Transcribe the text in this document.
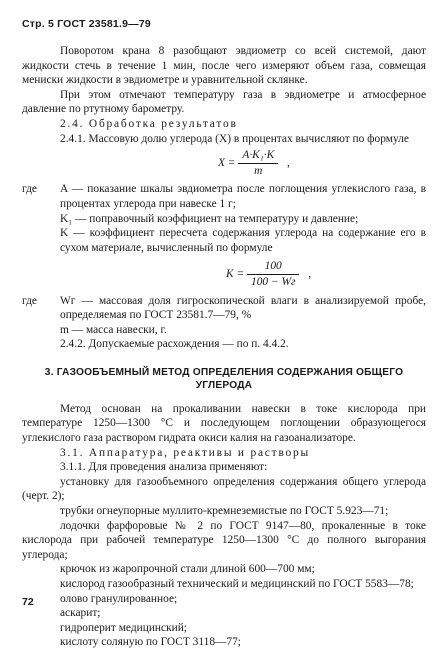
Стр. 5 ГОСТ 23581.9—79

Поворотом крана 8 разобщают эвдиометр со всей системой, дают жидкости стечь в течение 1 мин, после чего измеряют объем газа, совмещая мениски жидкости в эвдиометре и уравнительной склянке.

При этом отмечают температуру газа в эвдиометре и атмосферное давление по ртутному барометру.

2.4. Обработка результатов

2.4.1. Массовую долю углерода (X) в процентах вычисляют по формуле

$X = \frac{\text{A·K₁·K}}{m}$ ,
где	A — показание шкалы эвдиометра после поглощения углекислого газа, в процентах углерода при навеске 1 г;

K₁ — поправочный коэффициент на температуру и давление;

K — коэффициент пересчета содержания углерода на содержание его в сухом материале, вычисленный по формуле

$K = \frac{100}{100 - Wг}$ ,
где	Wг — массовая доля гигроскопической влаги в анализируемой пробе, определяемая по ГОСТ 23581.7—79, %

m — масса навески, г.

2.4.2. Допускаемые расхождения — по п. 4.4.2.

3. ГАЗООБЪЕМНЫЙ МЕТОД ОПРЕДЕЛЕНИЯ СОДЕРЖАНИЯ ОБЩЕГО УГЛЕРОДА

Метод основан на прокаливании навески в токе кислорода при температуре 1250—1300 °С и последующем поглощении образующегося углекислого газа раствором гидрата окиси калия на газоанализаторе.

3.1. Аппаратура, реактивы и растворы

3.1.1. Для проведения анализа применяют:

установку для газообъемного определения содержания общего углерода (черт. 2);

трубки огнеупорные муллито-кремнеземистые по ГОСТ 5.923—71;

лодочки фарфоровые № 2 по ГОСТ 9147—80, прокаленные в токе кислорода при рабочей температуре 1250—1300 °С до полного выгорания углерода;

крючок из жаропрочной стали длиной 600—700 мм;

кислород газообразный технический и медицинский по ГОСТ 5583—78;

олово гранулированное;

аскарит;

гидроперит медицинский;

кислоту соляную по ГОСТ 3118—77;

72
